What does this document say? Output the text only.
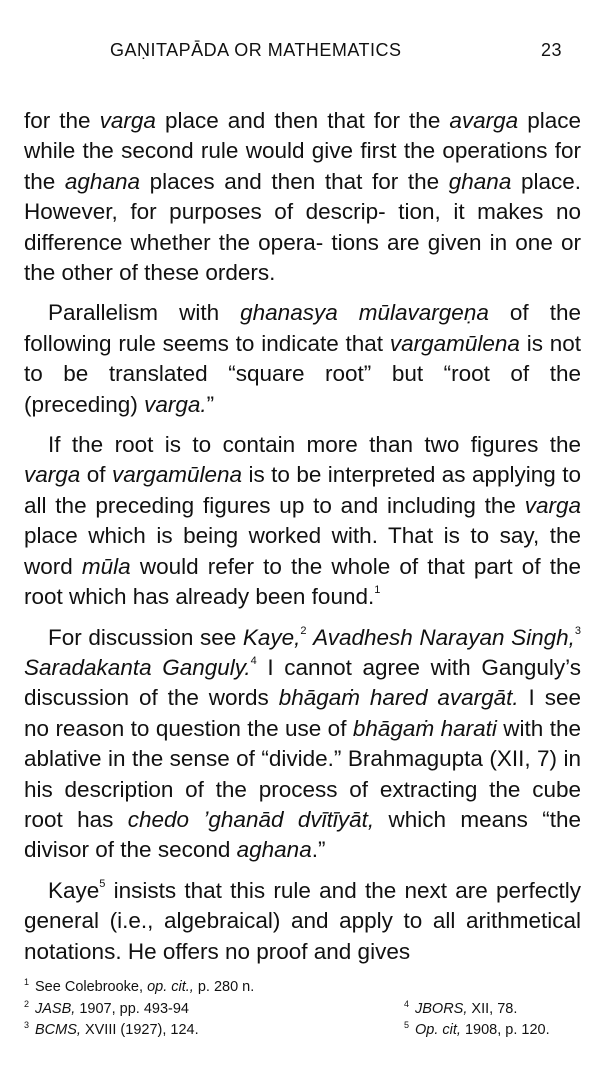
GAṆITAPĀDA OR MATHEMATICS	23

for the varga place and then that for the avarga place while the second rule would give first the operations for the aghana places and then that for the ghana place. However, for purposes of descrip- tion, it makes no difference whether the opera- tions are given in one or the other of these orders.

Parallelism with ghanasya mūlavargeṇa of the following rule seems to indicate that vargamūlena is not to be translated “square root” but “root of the (preceding) varga.”

If the root is to contain more than two figures the varga of vargamūlena is to be interpreted as applying to all the preceding figures up to and including the varga place which is being worked with. That is to say, the word mūla would refer to the whole of that part of the root which has already been found.$^1$

For discussion see Kaye,$^2$ Avadhesh Narayan Singh,$^3$ Saradakanta Ganguly.$^4$ I cannot agree with Ganguly’s discussion of the words bhāgaṁ hared avargāt. I see no reason to question the use of bhāgaṁ harati with the ablative in the sense of “divide.” Brahmagupta (XII, 7) in his description of the process of extracting the cube root has chedo ’ghanād dvītīyāt, which means “the divisor of the second aghana.”

Kaye$^5$ insists that this rule and the next are perfectly general (i.e., algebraical) and apply to all arithmetical notations. He offers no proof and gives

$^1$ See Colebrooke, op. cit., p. 280 n.
$^2$ JASB, 1907, pp. 493-94	$^4$ JBORS, XII, 78.
$^3$ BCMS, XVIII (1927), 124.	$^5$ Op. cit, 1908, p. 120.
